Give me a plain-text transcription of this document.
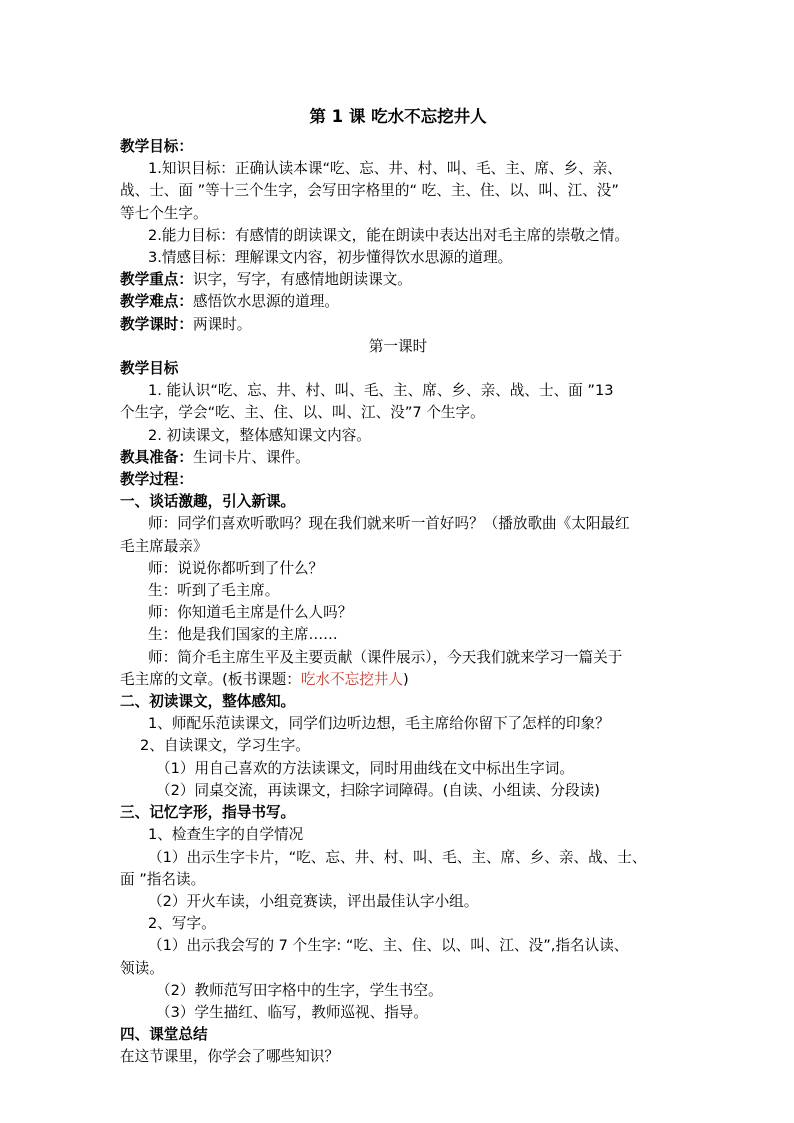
第 1 课 吃水不忘挖井人
教学目标：
1.知识目标：正确认读本课“吃、忘、井、村、叫、毛、主、席、乡、亲、
战、士、面 ”等十三个生字，会写田字格里的“ 吃、主、住、以、叫、江、没”
等七个生字。
2.能力目标：有感情的朗读课文，能在朗读中表达出对毛主席的崇敬之情。
3.情感目标：理解课文内容，初步懂得饮水思源的道理。
教学重点：识字，写字，有感情地朗读课文。
教学难点：感悟饮水思源的道理。
教学课时：两课时。
第一课时
教学目标
1. 能认识“吃、忘、井、村、叫、毛、主、席、乡、亲、战、士、面 ”13
个生字，学会“吃、主、住、以、叫、江、没”7 个生字。
2. 初读课文，整体感知课文内容。
教具准备：生词卡片、课件。
教学过程：
一、谈话激趣，引入新课。
师：同学们喜欢听歌吗？现在我们就来听一首好吗？（播放歌曲《太阳最红
毛主席最亲》
师：说说你都听到了什么？
生：听到了毛主席。
师：你知道毛主席是什么人吗？
生：他是我们国家的主席……
师：简介毛主席生平及主要贡献（课件展示），今天我们就来学习一篇关于
毛主席的文章。(板书课题：吃水不忘挖井人)
二、初读课文，整体感知。
1、师配乐范读课文，同学们边听边想，毛主席给你留下了怎样的印象？
2、自读课文，学习生字。
（1）用自己喜欢的方法读课文，同时用曲线在文中标出生字词。
（2）同桌交流，再读课文，扫除字词障碍。(自读、小组读、分段读)
三、记忆字形，指导书写。
1、检查生字的自学情况
（1）出示生字卡片，“吃、忘、井、村、叫、毛、主、席、乡、亲、战、士、
面 ”指名读。
（2）开火车读，小组竞赛读，评出最佳认字小组。
2、写字。
（1）出示我会写的 7 个生字: “吃、主、住、以、叫、江、没”,指名认读、
领读。
（2）教师范写田字格中的生字，学生书空。
（3）学生描红、临写，教师巡视、指导。
四、课堂总结
在这节课里，你学会了哪些知识？
